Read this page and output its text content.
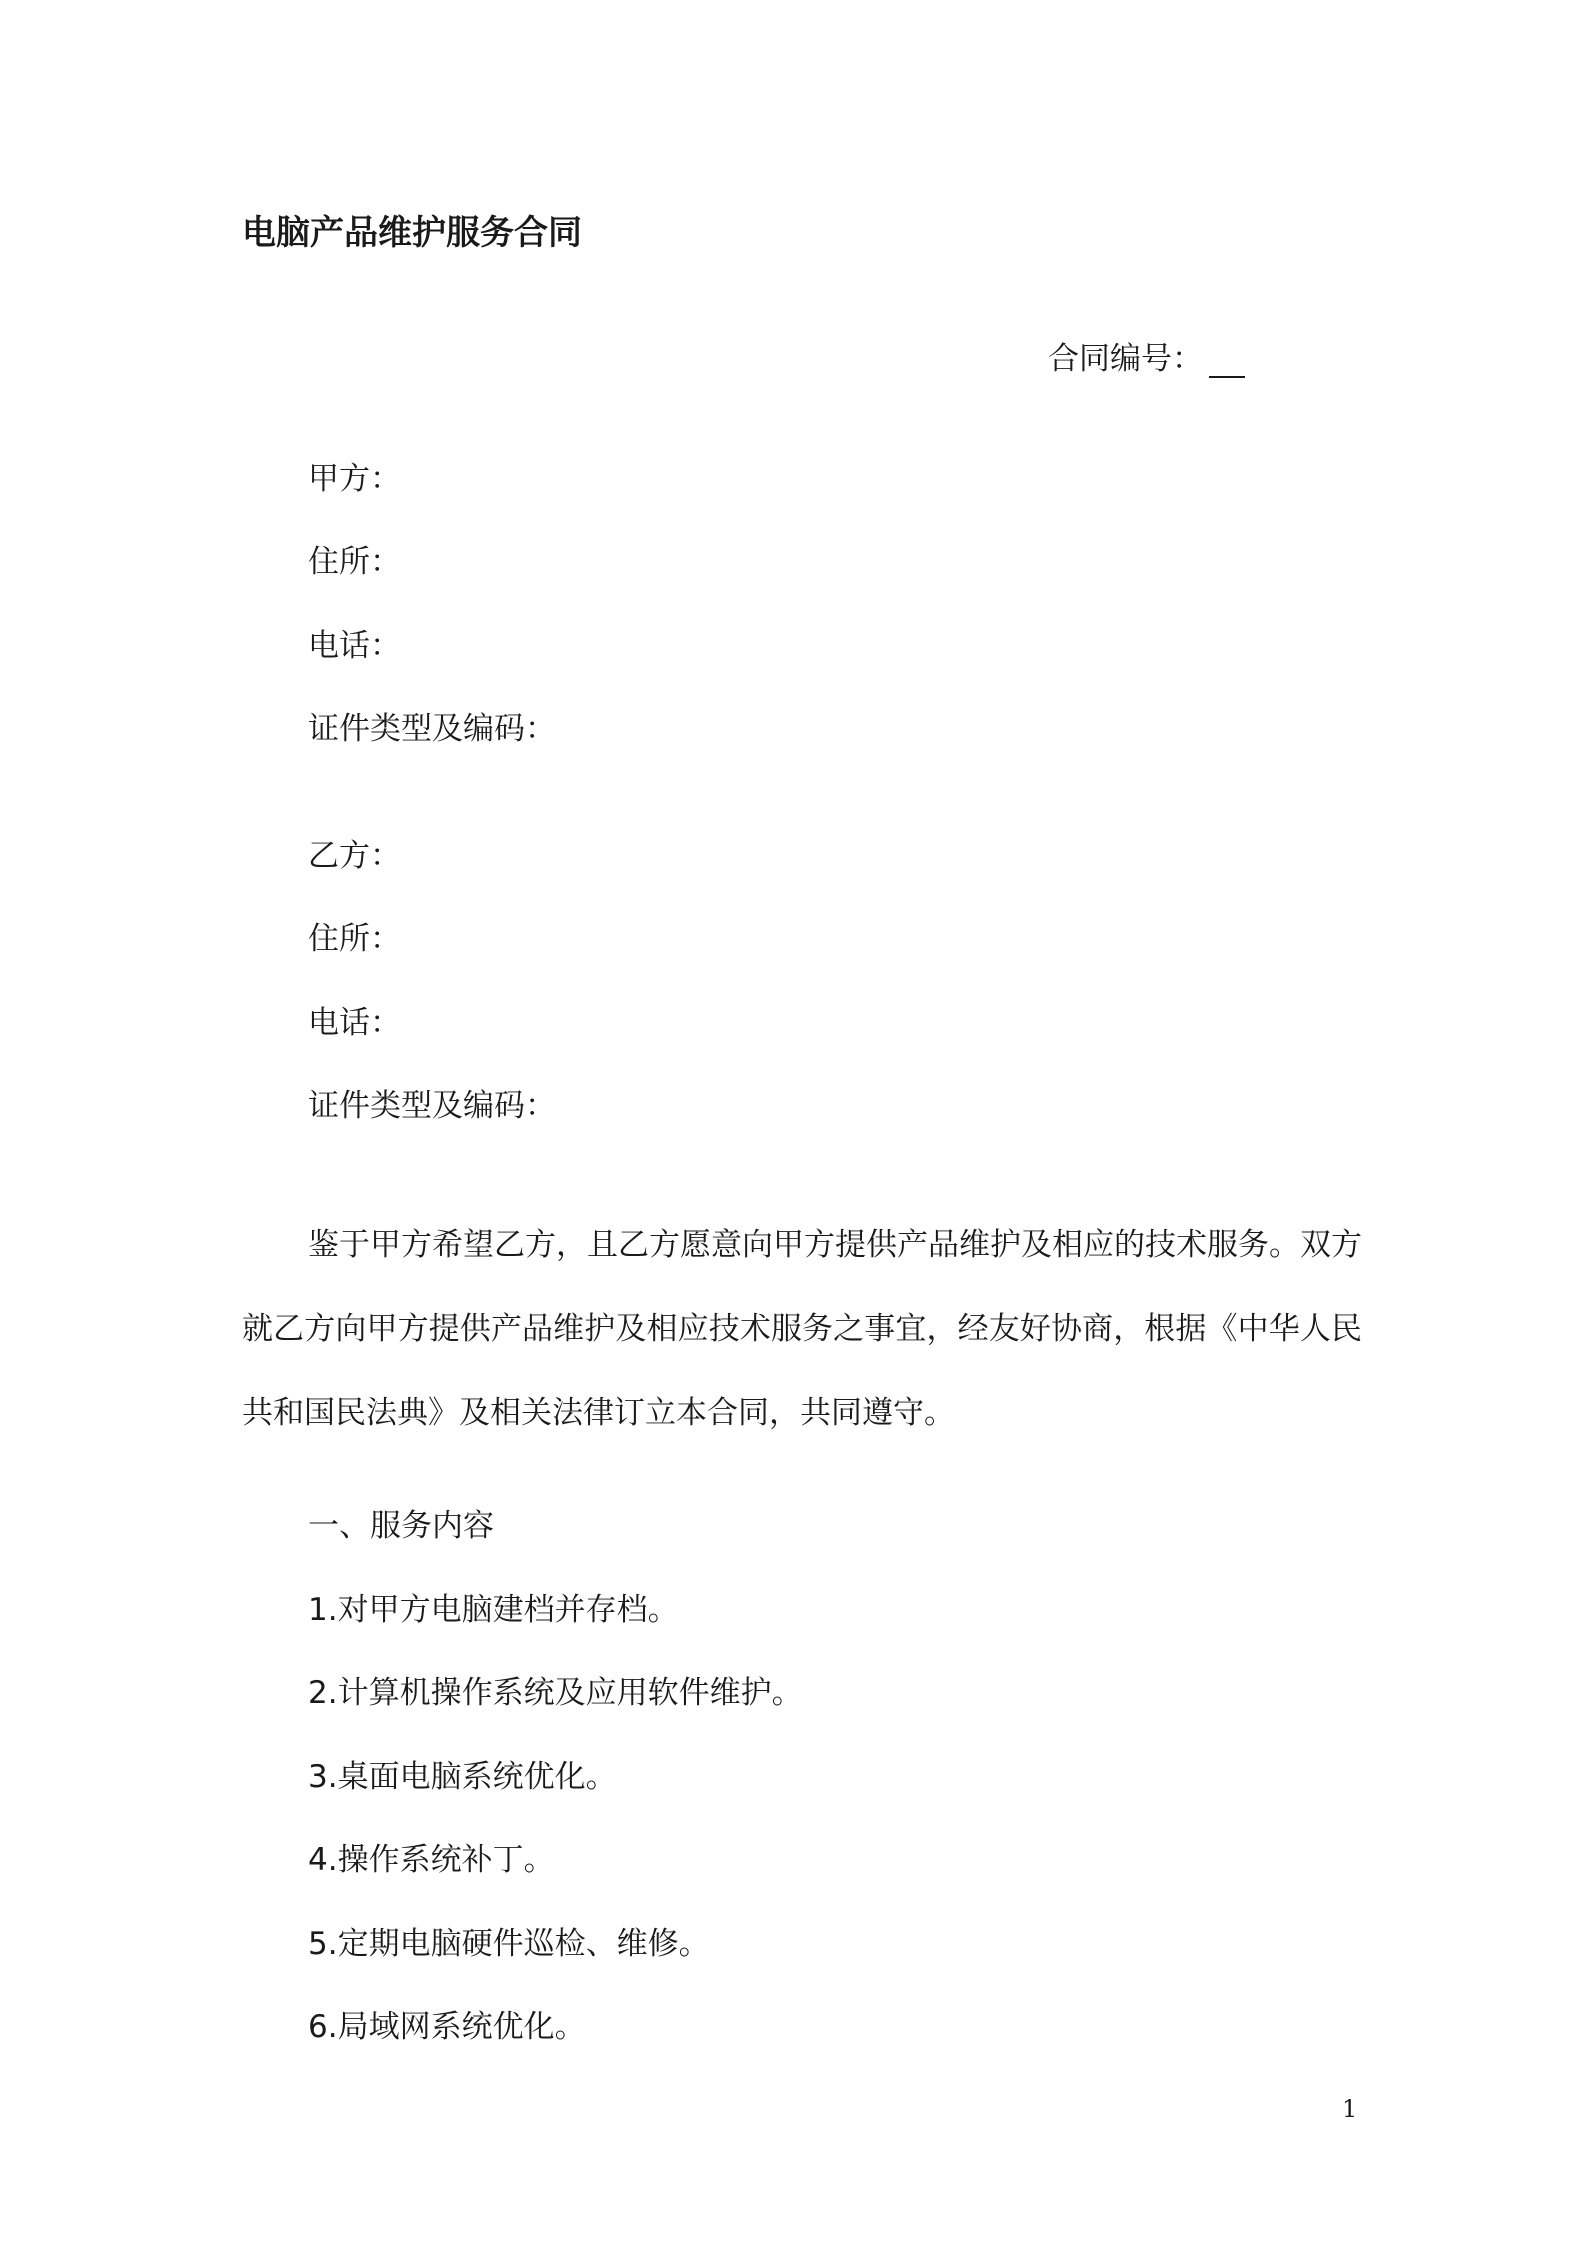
电脑产品维护服务合同
合同编号：
甲方：
住所：
电话：
证件类型及编码：
乙方：
住所：
电话：
证件类型及编码：
鉴于甲方希望乙方，且乙方愿意向甲方提供产品维护及相应的技术服务。双方就乙方向甲方提供产品维护及相应技术服务之事宜，经友好协商，根据《中华人民共和国民法典》及相关法律订立本合同，共同遵守。
一、服务内容
1.对甲方电脑建档并存档。
2.计算机操作系统及应用软件维护。
3.桌面电脑系统优化。
4.操作系统补丁。
5.定期电脑硬件巡检、维修。
6.局域网系统优化。
1
